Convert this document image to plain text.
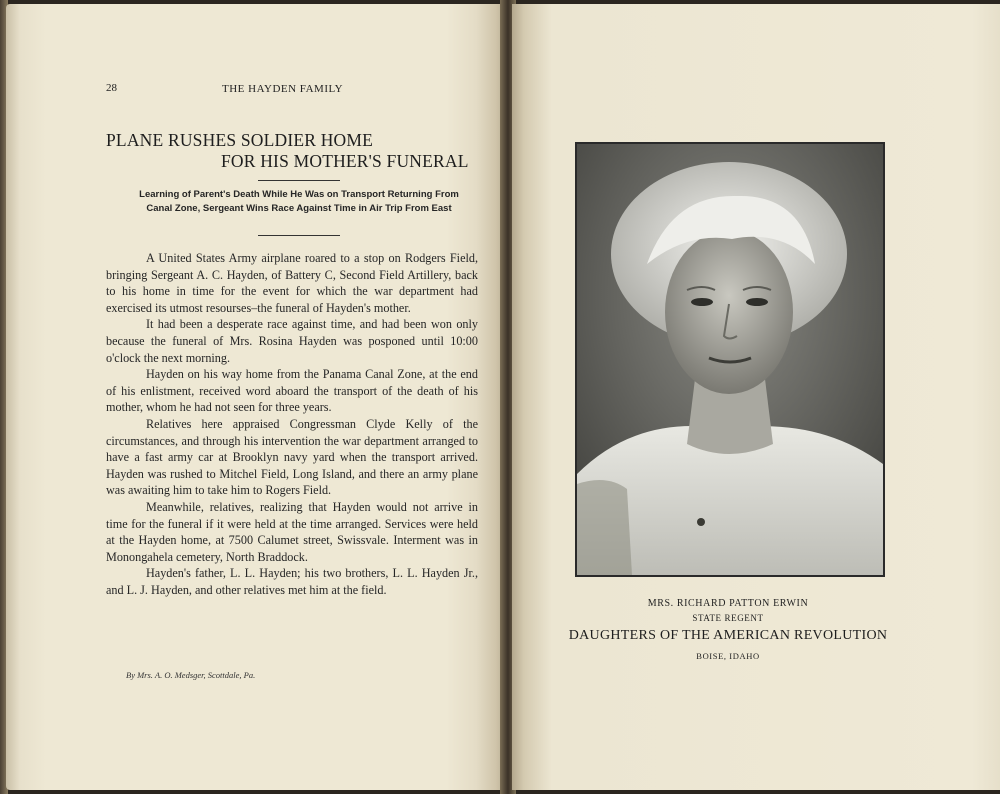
28	THE HAYDEN FAMILY
PLANE RUSHES SOLDIER HOME
FOR HIS MOTHER'S FUNERAL
Learning of Parent's Death While He Was on Transport Returning From Canal Zone, Sergeant Wins Race Against Time in Air Trip From East

A United States Army airplane roared to a stop on Rodgers Field, bringing Sergeant A. C. Hayden, of Battery C, Second Field Artillery, back to his home in time for the event for which the war department had exercised its utmost resourses–the funeral of Hayden's mother.

It had been a desperate race against time, and had been won only because the funeral of Mrs. Rosina Hayden was posponed until 10:00 o'clock the next morning.

Hayden on his way home from the Panama Canal Zone, at the end of his enlistment, received word aboard the transport of the death of his mother, whom he had not seen for three years.

Relatives here appraised Congressman Clyde Kelly of the circumstances, and through his intervention the war department arranged to have a fast army car at Brooklyn navy yard when the transport arrived. Hayden was rushed to Mitchel Field, Long Island, and there an army plane was awaiting him to take him to Rogers Field.

Meanwhile, relatives, realizing that Hayden would not arrive in time for the funeral if it were held at the time arranged. Services were held at the Hayden home, at 7500 Calumet street, Swissvale. Interment was in Monongahela cemetery, North Braddock.

Hayden's father, L. L. Hayden; his two brothers, L. L. Hayden Jr., and L. J. Hayden, and other relatives met him at the field.

By Mrs. A. O. Medsger, Scottdale, Pa.
MRS. RICHARD PATTON ERWIN
STATE REGENT
DAUGHTERS OF THE AMERICAN REVOLUTION
BOISE, IDAHO
